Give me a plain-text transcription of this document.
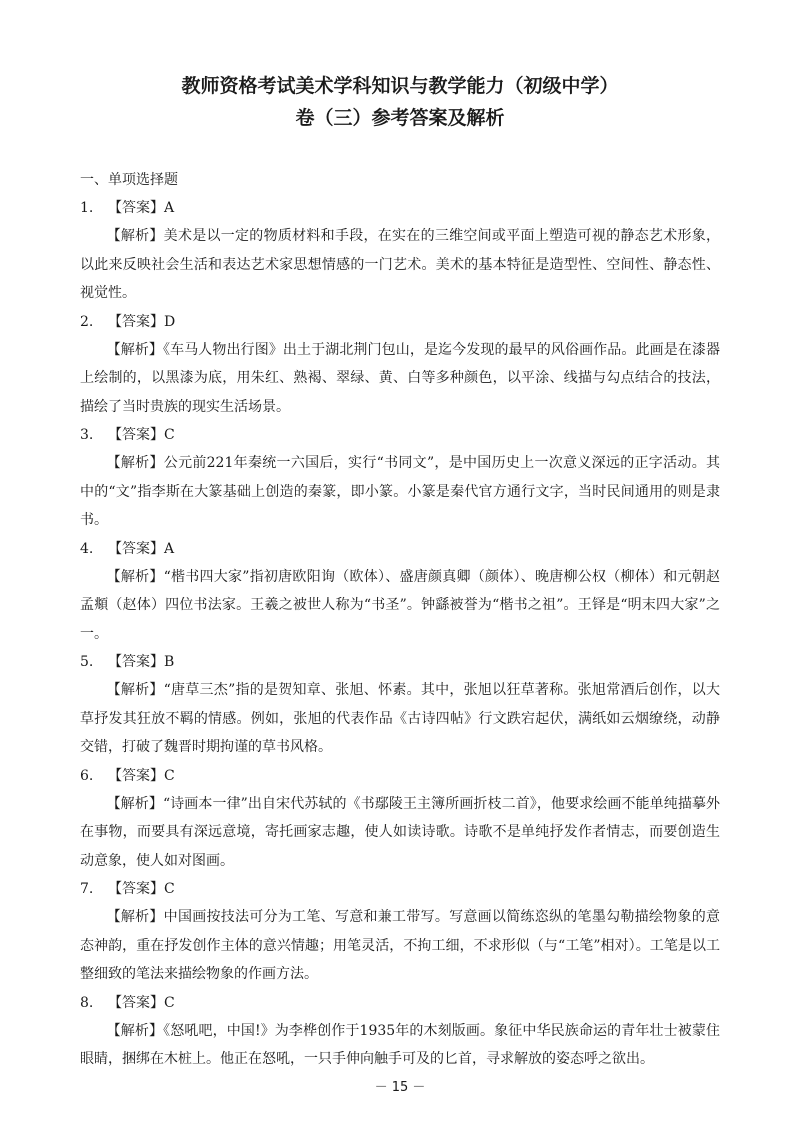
教师资格考试美术学科知识与教学能力（初级中学）
卷（三）参考答案及解析
一、单项选择题
1. 【答案】A

【解析】美术是以一定的物质材料和手段，在实在的三维空间或平面上塑造可视的静态艺术形象，以此来反映社会生活和表达艺术家思想情感的一门艺术。美术的基本特征是造型性、空间性、静态性、视觉性。

2. 【答案】D

【解析】《车马人物出行图》出土于湖北荆门包山，是迄今发现的最早的风俗画作品。此画是在漆器上绘制的，以黑漆为底，用朱红、熟褐、翠绿、黄、白等多种颜色，以平涂、线描与勾点结合的技法，描绘了当时贵族的现实生活场景。

3. 【答案】C

【解析】公元前221年秦统一六国后，实行“书同文”，是中国历史上一次意义深远的正字活动。其中的“文”指李斯在大篆基础上创造的秦篆，即小篆。小篆是秦代官方通行文字，当时民间通用的则是隶书。

4. 【答案】A

【解析】“楷书四大家”指初唐欧阳询（欧体）、盛唐颜真卿（颜体）、晚唐柳公权（柳体）和元朝赵孟頫（赵体）四位书法家。王羲之被世人称为“书圣”。钟繇被誉为“楷书之祖”。王铎是“明末四大家”之一。

5. 【答案】B

【解析】“唐草三杰”指的是贺知章、张旭、怀素。其中，张旭以狂草著称。张旭常酒后创作，以大草抒发其狂放不羁的情感。例如，张旭的代表作品《古诗四帖》行文跌宕起伏，满纸如云烟缭绕，动静交错，打破了魏晋时期拘谨的草书风格。

6. 【答案】C

【解析】“诗画本一律”出自宋代苏轼的《书鄢陵王主簿所画折枝二首》，他要求绘画不能单纯描摹外在事物，而要具有深远意境，寄托画家志趣，使人如读诗歌。诗歌不是单纯抒发作者情志，而要创造生动意象，使人如对图画。

7. 【答案】C

【解析】中国画按技法可分为工笔、写意和兼工带写。写意画以简练恣纵的笔墨勾勒描绘物象的意态神韵，重在抒发创作主体的意兴情趣；用笔灵活，不拘工细，不求形似（与“工笔”相对）。工笔是以工整细致的笔法来描绘物象的作画方法。

8. 【答案】C

【解析】《怒吼吧，中国!》为李桦创作于1935年的木刻版画。象征中华民族命运的青年壮士被蒙住眼睛，捆绑在木桩上。他正在怒吼，一只手伸向触手可及的匕首，寻求解放的姿态呼之欲出。

－ 15 －
